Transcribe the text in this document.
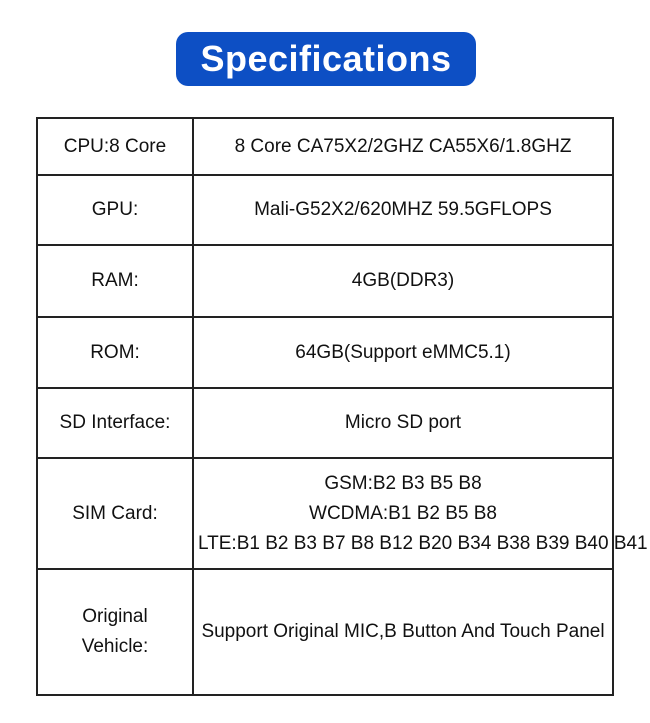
Specifications
CPU:8 Core	8 Core CA75X2/2GHZ CA55X6/1.8GHZ
GPU:	Mali-G52X2/620MHZ 59.5GFLOPS
RAM:	4GB(DDR3)
ROM:	64GB(Support eMMC5.1)
SD Interface:	Micro SD port
SIM Card:	GSM:B2 B3 B5 B8
WCDMA:B1 B2 B5 B8
LTE:B1 B2 B3 B7 B8 B12 B20 B34 B38 B39 B40 B41

Original Vehicle:	Support Original MIC,B Button And Touch Panel
